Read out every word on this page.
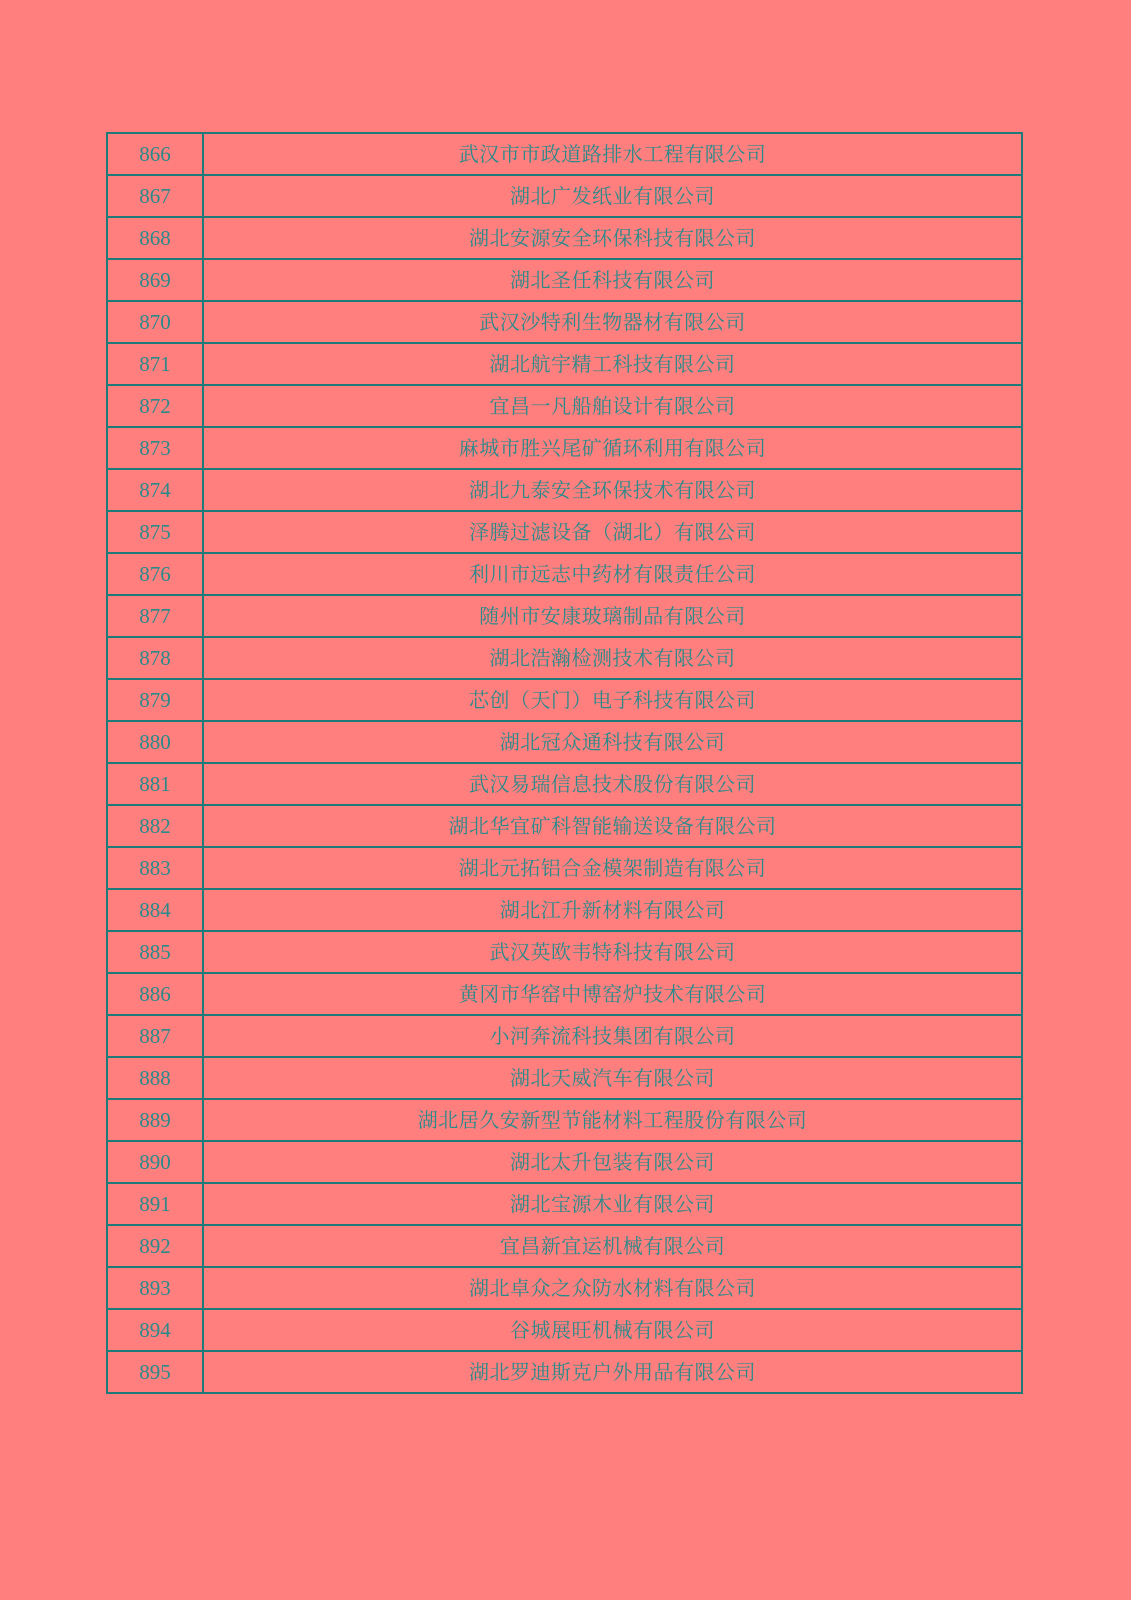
866	武汉市市政道路排水工程有限公司
867	湖北广发纸业有限公司
868	湖北安源安全环保科技有限公司
869	湖北圣任科技有限公司
870	武汉沙特利生物器材有限公司
871	湖北航宇精工科技有限公司
872	宜昌一凡船舶设计有限公司
873	麻城市胜兴尾矿循环利用有限公司
874	湖北九泰安全环保技术有限公司
875	泽腾过滤设备（湖北）有限公司
876	利川市远志中药材有限责任公司
877	随州市安康玻璃制品有限公司
878	湖北浩瀚检测技术有限公司
879	芯创（天门）电子科技有限公司
880	湖北冠众通科技有限公司
881	武汉易瑞信息技术股份有限公司
882	湖北华宜矿科智能输送设备有限公司
883	湖北元拓铝合金模架制造有限公司
884	湖北江升新材料有限公司
885	武汉英欧韦特科技有限公司
886	黄冈市华窑中博窑炉技术有限公司
887	小河奔流科技集团有限公司
888	湖北天威汽车有限公司
889	湖北居久安新型节能材料工程股份有限公司
890	湖北太升包装有限公司
891	湖北宝源木业有限公司
892	宜昌新宜运机械有限公司
893	湖北卓众之众防水材料有限公司
894	谷城展旺机械有限公司
895	湖北罗迪斯克户外用品有限公司
